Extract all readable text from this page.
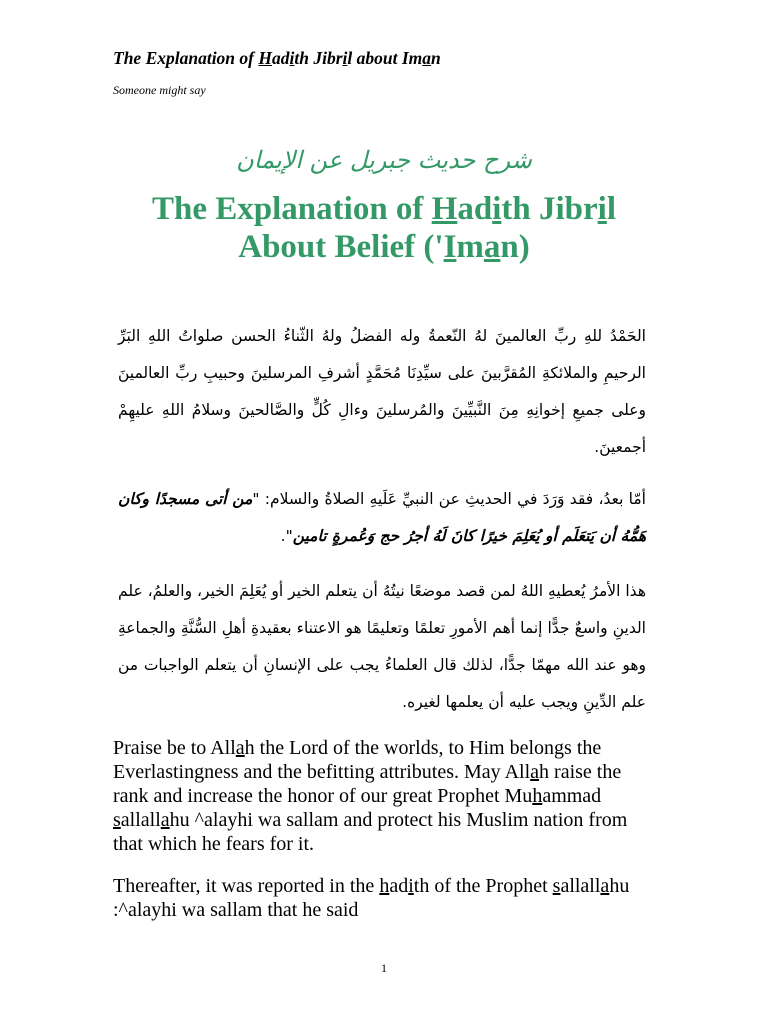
The Explanation of Hadith Jibril about Iman
Someone might say
شرح حديث جبريل عن الإيمان
The Explanation of Hadith Jibril
About Belief ('Iman)
الحَمْدُ للهِ ربِّ العالمينَ لهُ النّعمةُ وله الفضلُ ولهُ الثّناءُ الحسن صلواتُ اللهِ البَرِّ
الرحيمِ والملائكةِ المُقرَّبينَ على سيِّدِنَا مُحَمَّدٍ أشرفِ المرسلينَ وحبيبِ ربِّ العالمينَ
وعلى جميعِ إخوانِهِ مِنَ النَّبيِّينَ والمُرسلينَ وءالِ كُلٍّ والصَّالحينَ وسلامُ اللهِ عليهِمْ
أجمعينَ.
أمّا بعدُ، فقد وَرَدَ في الحديثِ عن النبيِّ عَلَيهِ الصلاةُ والسلام: "من أتى مسجدًا وكان
هَمُّهُ أن يَتعَلَم أو يُعَلِمَ خيرًا كانَ لَهُ أجرُ حج وَعُمرةٍ تامين".
هذا الأمرُ يُعطيهِ اللهُ لمن قصد موضعًا نيتُهُ أن يتعلم الخير أو يُعَلِمَ الخير، والعلمُ، علم
الدينِ واسعٌ جدًّا إنما أهم الأمورِ تعلمًا وتعليمًا هو الاعتناء بعقيدةِ أهلِ السُّنَّةِ والجماعةِ
وهو عند الله مهمّا جدًّا، لذلك قال العلماءُ يجب على الإنسانِ أن يتعلم الواجبات من
علم الدِّينِ ويجب عليه أن يعلمها لغيره.
Praise be to Allah the Lord of the worlds, to Him belongs the Everlastingness and the befitting attributes. May Allah raise the rank and increase the honor of our great Prophet Muhammad sallallahu ^alayhi wa sallam and protect his Muslim nation from that which he fears for it.
Thereafter, it was reported in the hadith of the Prophet sallallahu :^alayhi wa sallam that he said
1
